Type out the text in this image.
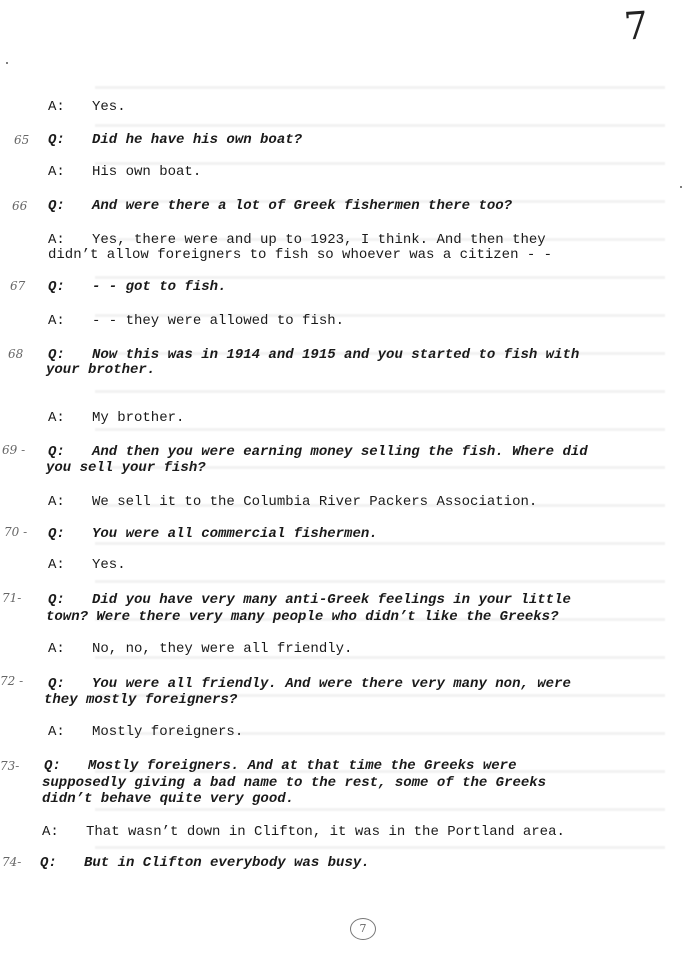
7
65
66
67
68
69 -
70 -
71-
72 -
73-
74-
A: Yes.
Q: Did he have his own boat?
A: His own boat.
Q: And were there a lot of Greek fishermen there too?
A: Yes, there were and up to 1923, I think. And then they
didn’t allow foreigners to fish so whoever was a citizen - -
Q: - - got to fish.
A: - - they were allowed to fish.
Q: Now this was in 1914 and 1915 and you started to fish with
your brother.
A: My brother.
Q: And then you were earning money selling the fish. Where did
you sell your fish?
A: We sell it to the Columbia River Packers Association.
Q: You were all commercial fishermen.
A: Yes.
Q: Did you have very many anti-Greek feelings in your little
town? Were there very many people who didn’t like the Greeks?
A: No, no, they were all friendly.
Q: You were all friendly. And were there very many non, were
they mostly foreigners?
A: Mostly foreigners.
Q: Mostly foreigners. And at that time the Greeks were
supposedly giving a bad name to the rest, some of the Greeks
didn’t behave quite very good.
A: That wasn’t down in Clifton, it was in the Portland area.
Q: But in Clifton everybody was busy.
7
